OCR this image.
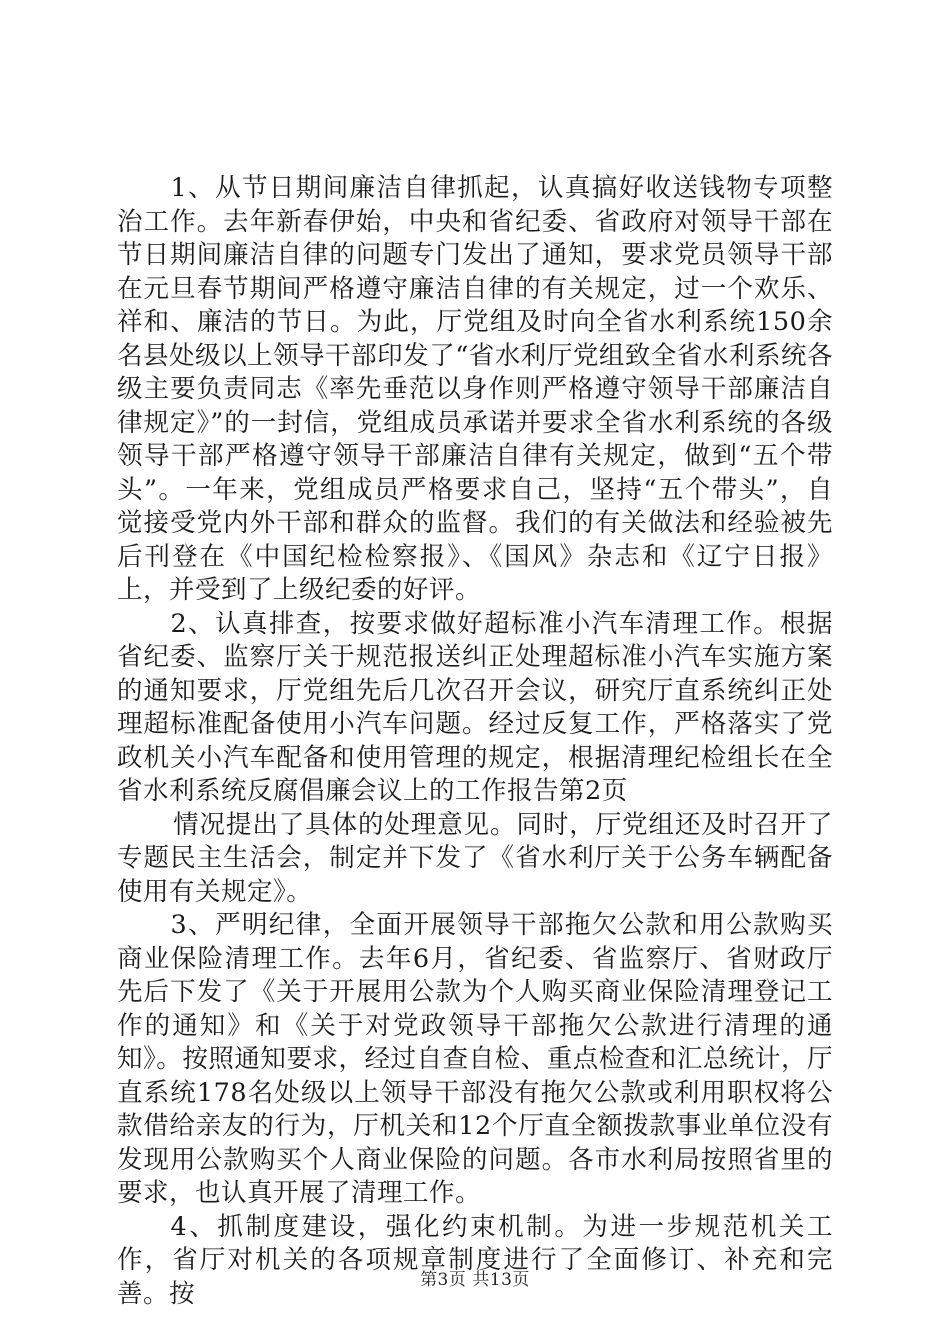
1、从节日期间廉洁自律抓起，认真搞好收送钱物专项整治工作。去年新春伊始，中央和省纪委、省政府对领导干部在节日期间廉洁自律的问题专门发出了通知，要求党员领导干部在元旦春节期间严格遵守廉洁自律的有关规定，过一个欢乐、祥和、廉洁的节日。为此，厅党组及时向全省水利系统150余名县处级以上领导干部印发了“省水利厅党组致全省水利系统各级主要负责同志《率先垂范以身作则严格遵守领导干部廉洁自律规定》”的一封信，党组成员承诺并要求全省水利系统的各级领导干部严格遵守领导干部廉洁自律有关规定，做到“五个带头”。一年来，党组成员严格要求自己，坚持“五个带头”，自觉接受党内外干部和群众的监督。我们的有关做法和经验被先后刊登在《中国纪检检察报》、《国风》杂志和《辽宁日报》上，并受到了上级纪委的好评。

2、认真排查，按要求做好超标准小汽车清理工作。根据省纪委、监察厅关于规范报送纠正处理超标准小汽车实施方案的通知要求，厅党组先后几次召开会议，研究厅直系统纠正处理超标准配备使用小汽车问题。经过反复工作，严格落实了党政机关小汽车配备和使用管理的规定，根据清理纪检组长在全省水利系统反腐倡廉会议上的工作报告第2页

情况提出了具体的处理意见。同时，厅党组还及时召开了专题民主生活会，制定并下发了《省水利厅关于公务车辆配备使用有关规定》。

3、严明纪律，全面开展领导干部拖欠公款和用公款购买商业保险清理工作。去年6月，省纪委、省监察厅、省财政厅先后下发了《关于开展用公款为个人购买商业保险清理登记工作的通知》和《关于对党政领导干部拖欠公款进行清理的通知》。按照通知要求，经过自查自检、重点检查和汇总统计，厅直系统178名处级以上领导干部没有拖欠公款或利用职权将公款借给亲友的行为，厅机关和12个厅直全额拨款事业单位没有发现用公款购买个人商业保险的问题。各市水利局按照省里的要求，也认真开展了清理工作。

4、抓制度建设，强化约束机制。为进一步规范机关工作，省厅对机关的各项规章制度进行了全面修订、补充和完善。按	第3页 共13页
